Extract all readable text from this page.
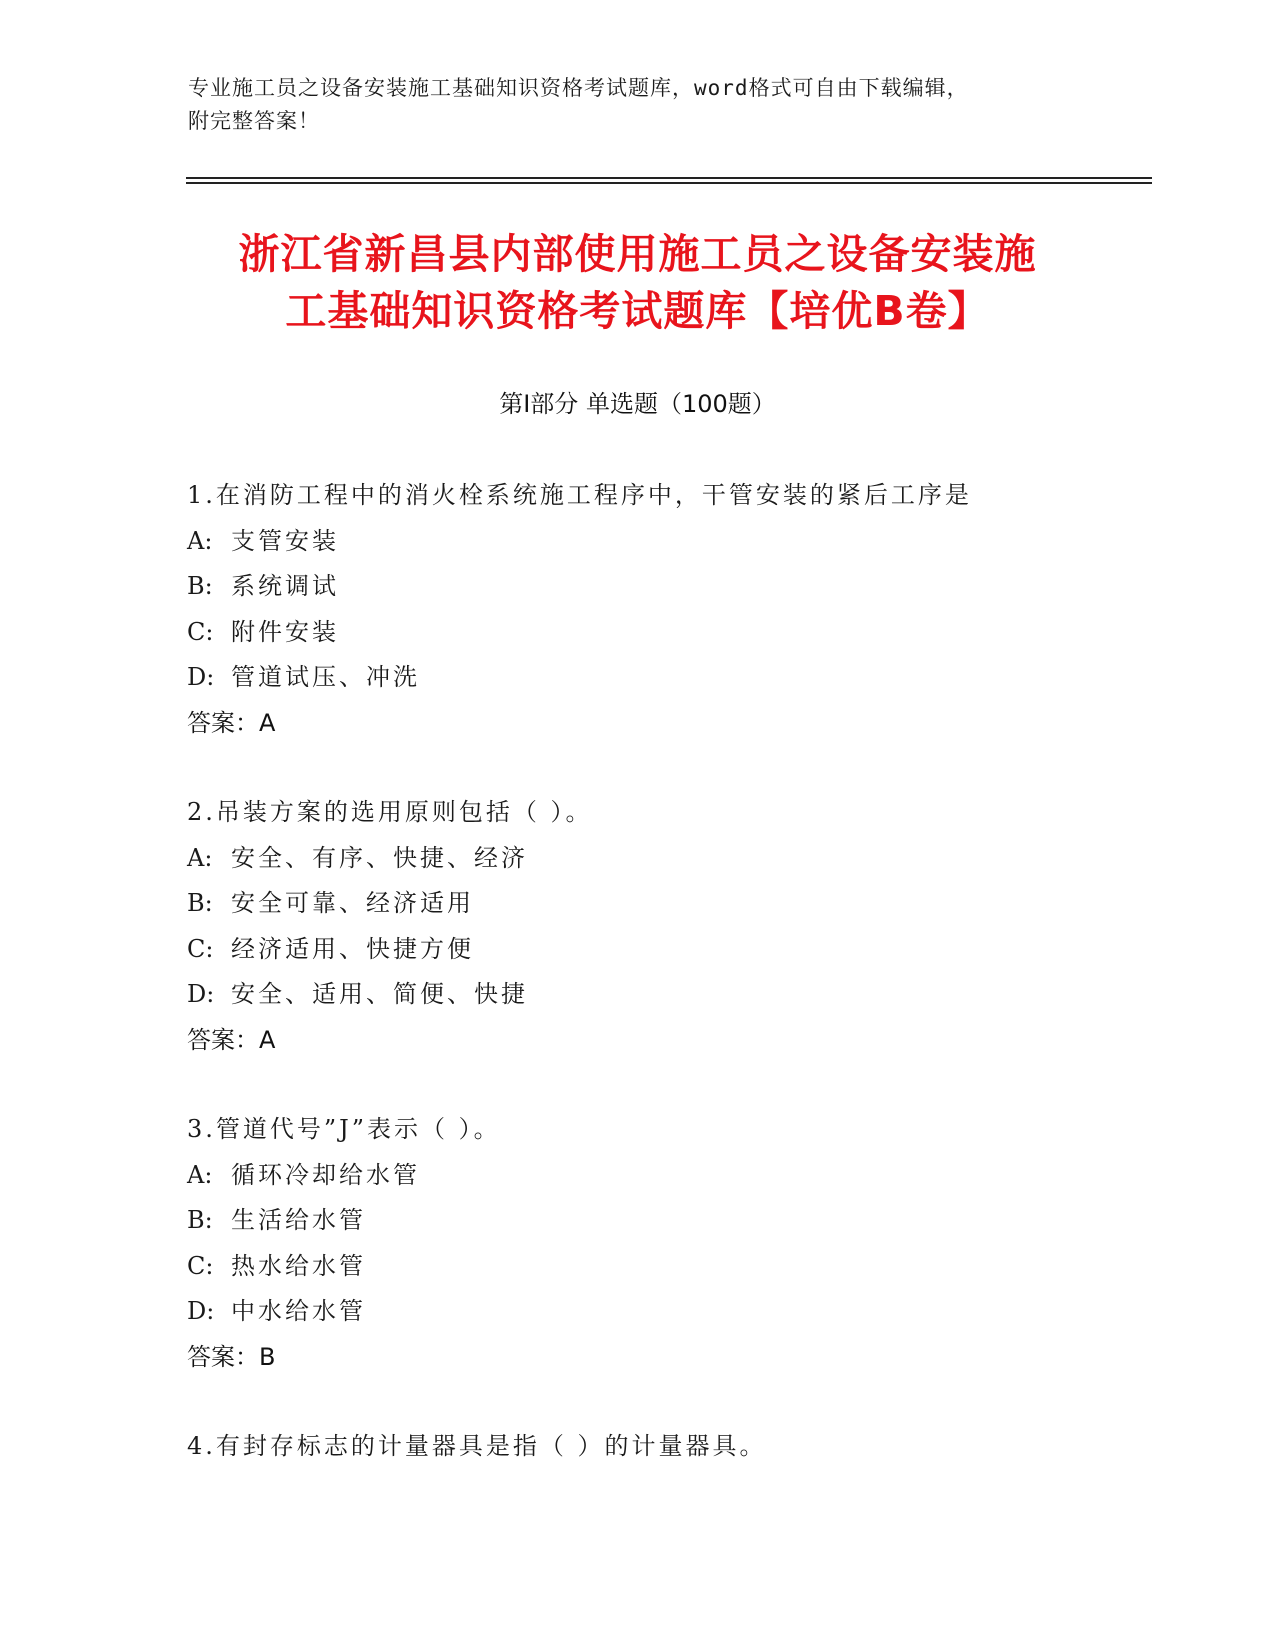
专业施工员之设备安装施工基础知识资格考试题库，word格式可自由下载编辑，
附完整答案！
浙江省新昌县内部使用施工员之设备安装施
工基础知识资格考试题库【培优B卷】
第Ⅰ部分 单选题（100题）
1.在消防工程中的消火栓系统施工程序中，干管安装的紧后工序是
A: 支管安装
B: 系统调试
C: 附件安装
D: 管道试压、冲洗
答案：A
2.吊装方案的选用原则包括（ ）。
A: 安全、有序、快捷、经济
B: 安全可靠、经济适用
C: 经济适用、快捷方便
D: 安全、适用、简便、快捷
答案：A
3.管道代号”J”表示（ ）。
A: 循环冷却给水管
B: 生活给水管
C: 热水给水管
D: 中水给水管
答案：B
4.有封存标志的计量器具是指（ ）的计量器具。
